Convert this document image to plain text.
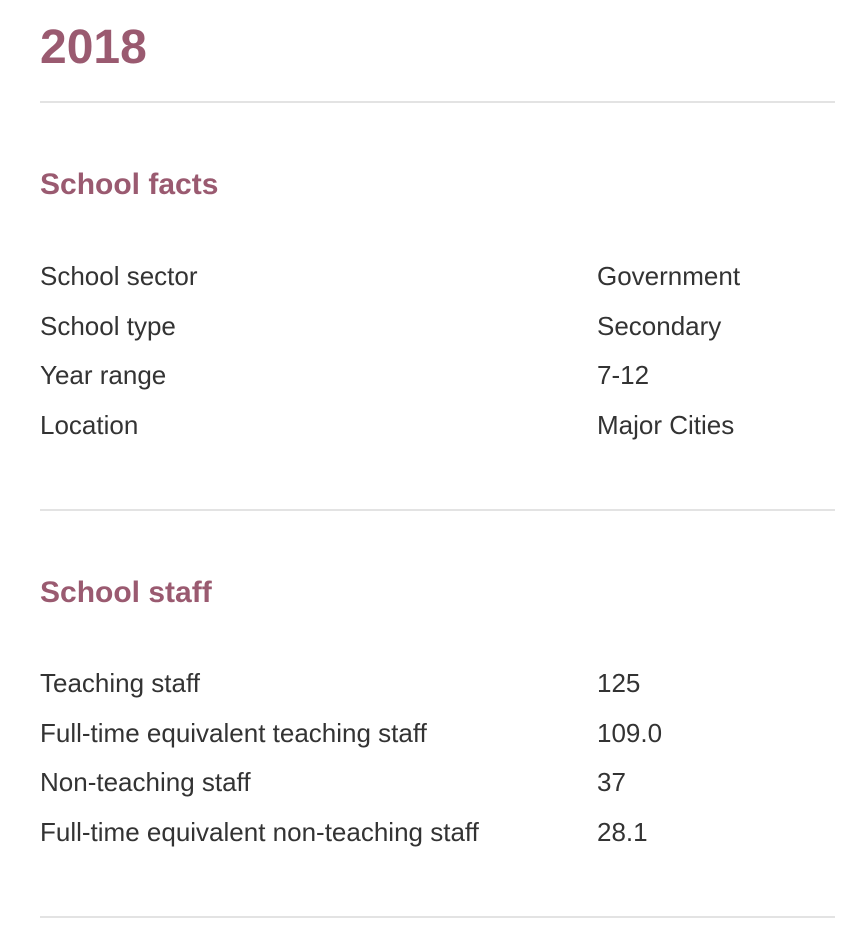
2018
School facts
School sector	Government
School type	Secondary
Year range	7-12
Location	Major Cities
School staff
Teaching staff	125
Full-time equivalent teaching staff	109.0
Non-teaching staff	37
Full-time equivalent non-teaching staff	28.1
